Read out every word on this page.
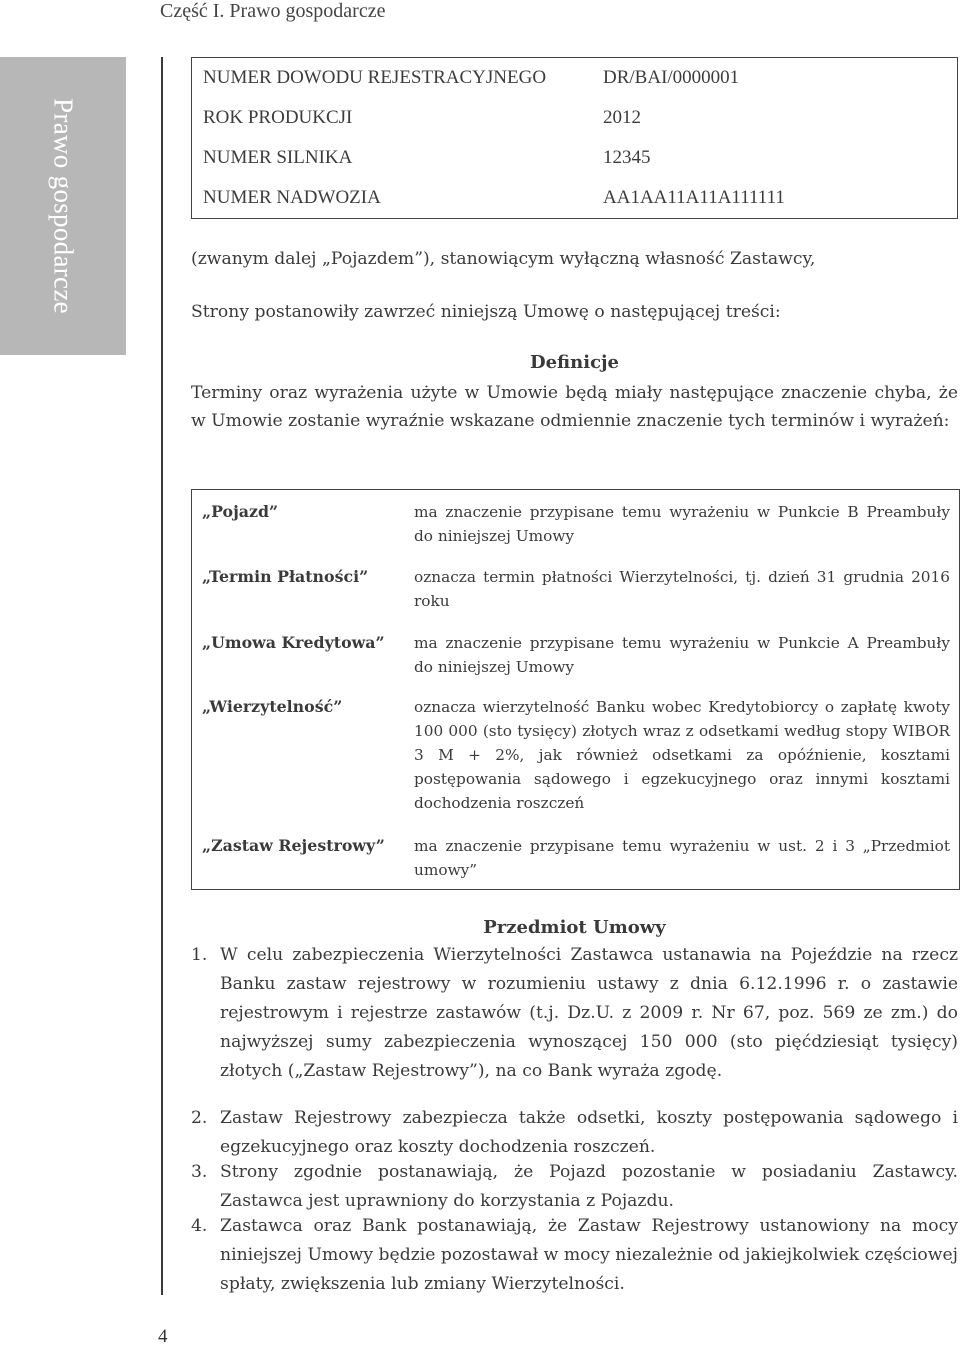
Część I. Prawo gospodarcze
Prawo gospodarcze
NUMER DOWODU REJESTRACYJNEGO	DR/BAI/0000001
ROK PRODUKCJI	2012
NUMER SILNIKA	12345
NUMER NADWOZIA	AA1AA11A11A111111
(zwanym dalej „Pojazdem”), stanowiącym wyłączną własność Zastawcy,
Strony postanowiły zawrzeć niniejszą Umowę o następującej treści:
Definicje
Terminy oraz wyrażenia użyte w Umowie będą miały następujące znaczenie chyba, że w Umowie zostanie wyraźnie wskazane odmiennie znaczenie tych terminów i wyrażeń:
„Pojazd”	ma znaczenie przypisane temu wyrażeniu w Punkcie B Preambuły do niniejszej Umowy
„Termin Płatności”	oznacza termin płatności Wierzytelności, tj. dzień 31 grudnia 2016 roku
„Umowa Kredytowa”	ma znaczenie przypisane temu wyrażeniu w Punkcie A Preambuły do niniejszej Umowy
„Wierzytelność”	oznacza wierzytelność Banku wobec Kredytobiorcy o zapłatę kwoty 100 000 (sto tysięcy) złotych wraz z odsetkami według stopy WIBOR 3 M + 2%, jak również odsetkami za opóźnienie, kosztami postępowania sądowego i egzekucyjnego oraz innymi kosztami dochodzenia roszczeń
„Zastaw Rejestrowy”	ma znaczenie przypisane temu wyrażeniu w ust. 2 i 3 „Przedmiot umowy”
Przedmiot Umowy
1. W celu zabezpieczenia Wierzytelności Zastawca ustanawia na Pojeździe na rzecz Banku zastaw rejestrowy w rozumieniu ustawy z dnia 6.12.1996 r. o zastawie rejestrowym i rejestrze zastawów (t.j. Dz.U. z 2009 r. Nr 67, poz. 569 ze zm.) do najwyższej sumy zabezpieczenia wynoszącej 150 000 (sto pięćdziesiąt tysięcy) złotych („Zastaw Rejestrowy”), na co Bank wyraża zgodę.
2. Zastaw Rejestrowy zabezpiecza także odsetki, koszty postępowania sądowego i egzekucyjnego oraz koszty dochodzenia roszczeń.
3. Strony zgodnie postanawiają, że Pojazd pozostanie w posiadaniu Zastawcy. Zastawca jest uprawniony do korzystania z Pojazdu.
4. Zastawca oraz Bank postanawiają, że Zastaw Rejestrowy ustanowiony na mocy niniejszej Umowy będzie pozostawał w mocy niezależnie od jakiejkolwiek częściowej spłaty, zwiększenia lub zmiany Wierzytelności.
4
